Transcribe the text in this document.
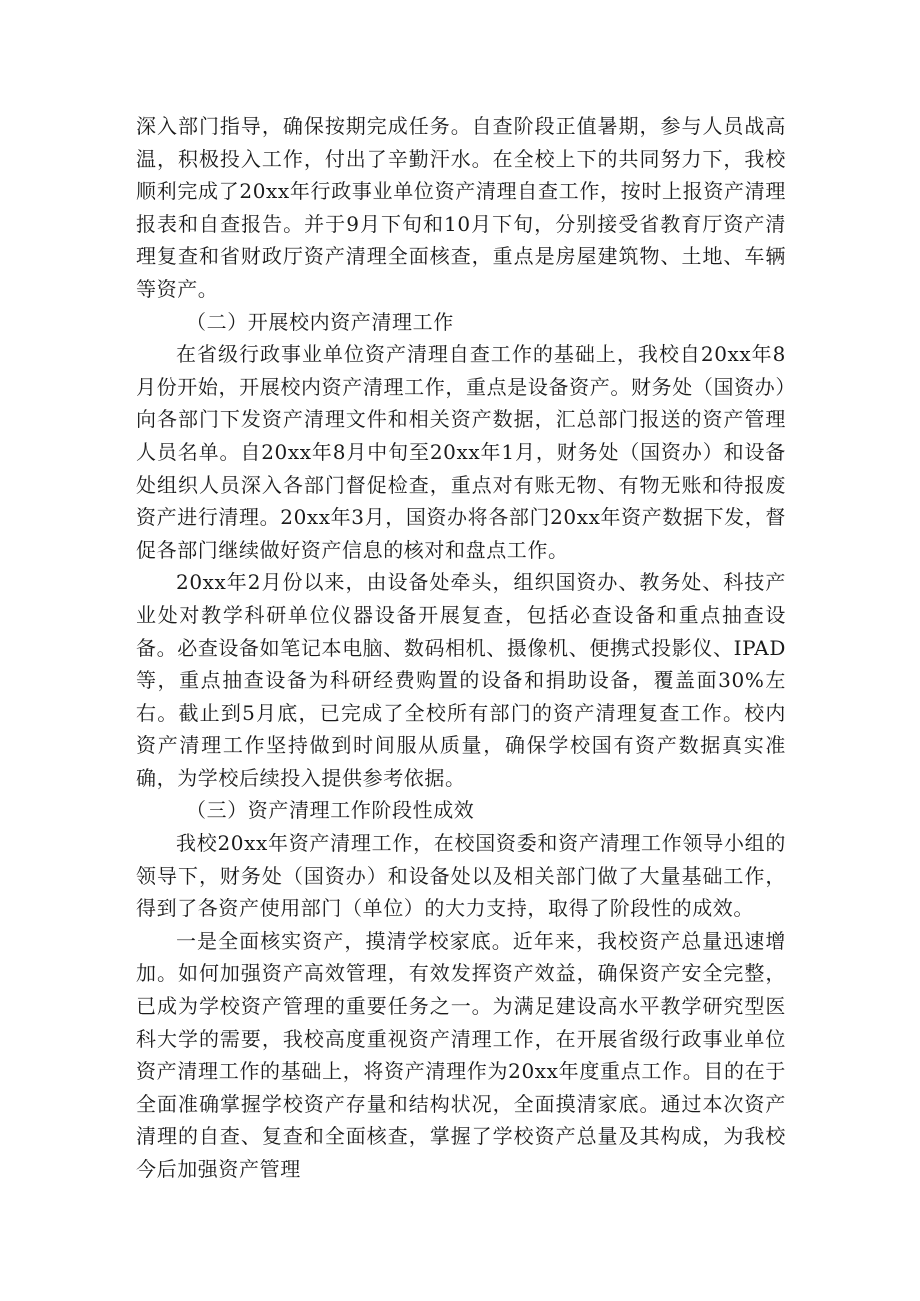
深入部门指导，确保按期完成任务。自查阶段正值暑期，参与人员战高温，积极投入工作，付出了辛勤汗水。在全校上下的共同努力下，我校顺利完成了20xx年行政事业单位资产清理自查工作，按时上报资产清理报表和自查报告。并于9月下旬和10月下旬，分别接受省教育厅资产清理复查和省财政厅资产清理全面核查，重点是房屋建筑物、土地、车辆等资产。

（二）开展校内资产清理工作

在省级行政事业单位资产清理自查工作的基础上，我校自20xx年8月份开始，开展校内资产清理工作，重点是设备资产。财务处（国资办）向各部门下发资产清理文件和相关资产数据，汇总部门报送的资产管理人员名单。自20xx年8月中旬至20xx年1月，财务处（国资办）和设备处组织人员深入各部门督促检查，重点对有账无物、有物无账和待报废资产进行清理。20xx年3月，国资办将各部门20xx年资产数据下发，督促各部门继续做好资产信息的核对和盘点工作。

20xx年2月份以来，由设备处牵头，组织国资办、教务处、科技产业处对教学科研单位仪器设备开展复查，包括必查设备和重点抽查设备。必查设备如笔记本电脑、数码相机、摄像机、便携式投影仪、IPAD等，重点抽查设备为科研经费购置的设备和捐助设备，覆盖面30%左右。截止到5月底，已完成了全校所有部门的资产清理复查工作。校内资产清理工作坚持做到时间服从质量，确保学校国有资产数据真实准确，为学校后续投入提供参考依据。

（三）资产清理工作阶段性成效

我校20xx年资产清理工作，在校国资委和资产清理工作领导小组的领导下，财务处（国资办）和设备处以及相关部门做了大量基础工作，得到了各资产使用部门（单位）的大力支持，取得了阶段性的成效。

一是全面核实资产，摸清学校家底。近年来，我校资产总量迅速增加。如何加强资产高效管理，有效发挥资产效益，确保资产安全完整，已成为学校资产管理的重要任务之一。为满足建设高水平教学研究型医科大学的需要，我校高度重视资产清理工作，在开展省级行政事业单位资产清理工作的基础上，将资产清理作为20xx年度重点工作。目的在于全面准确掌握学校资产存量和结构状况，全面摸清家底。通过本次资产清理的自查、复查和全面核查，掌握了学校资产总量及其构成，为我校今后加强资产管理
